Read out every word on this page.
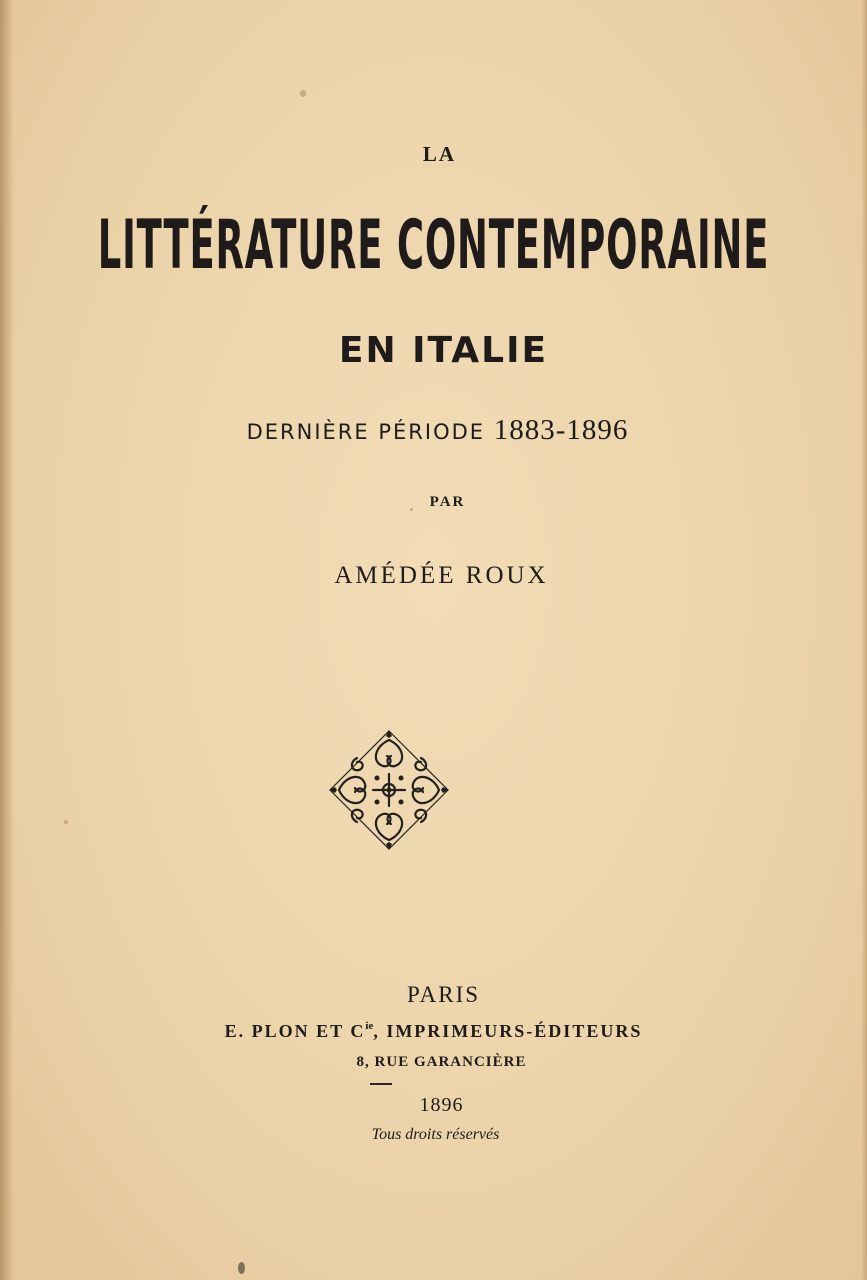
LA
LITTÉRATURE CONTEMPORAINE
EN ITALIE
DERNIÈRE PÉRIODE 1883-1896
PAR
AMÉDÉE ROUX
PARIS
E. PLON ET $C^{ie}$, IMPRIMEURS-ÉDITEURS
8, RUE GARANCIÈRE
1896
Tous droits réservés
